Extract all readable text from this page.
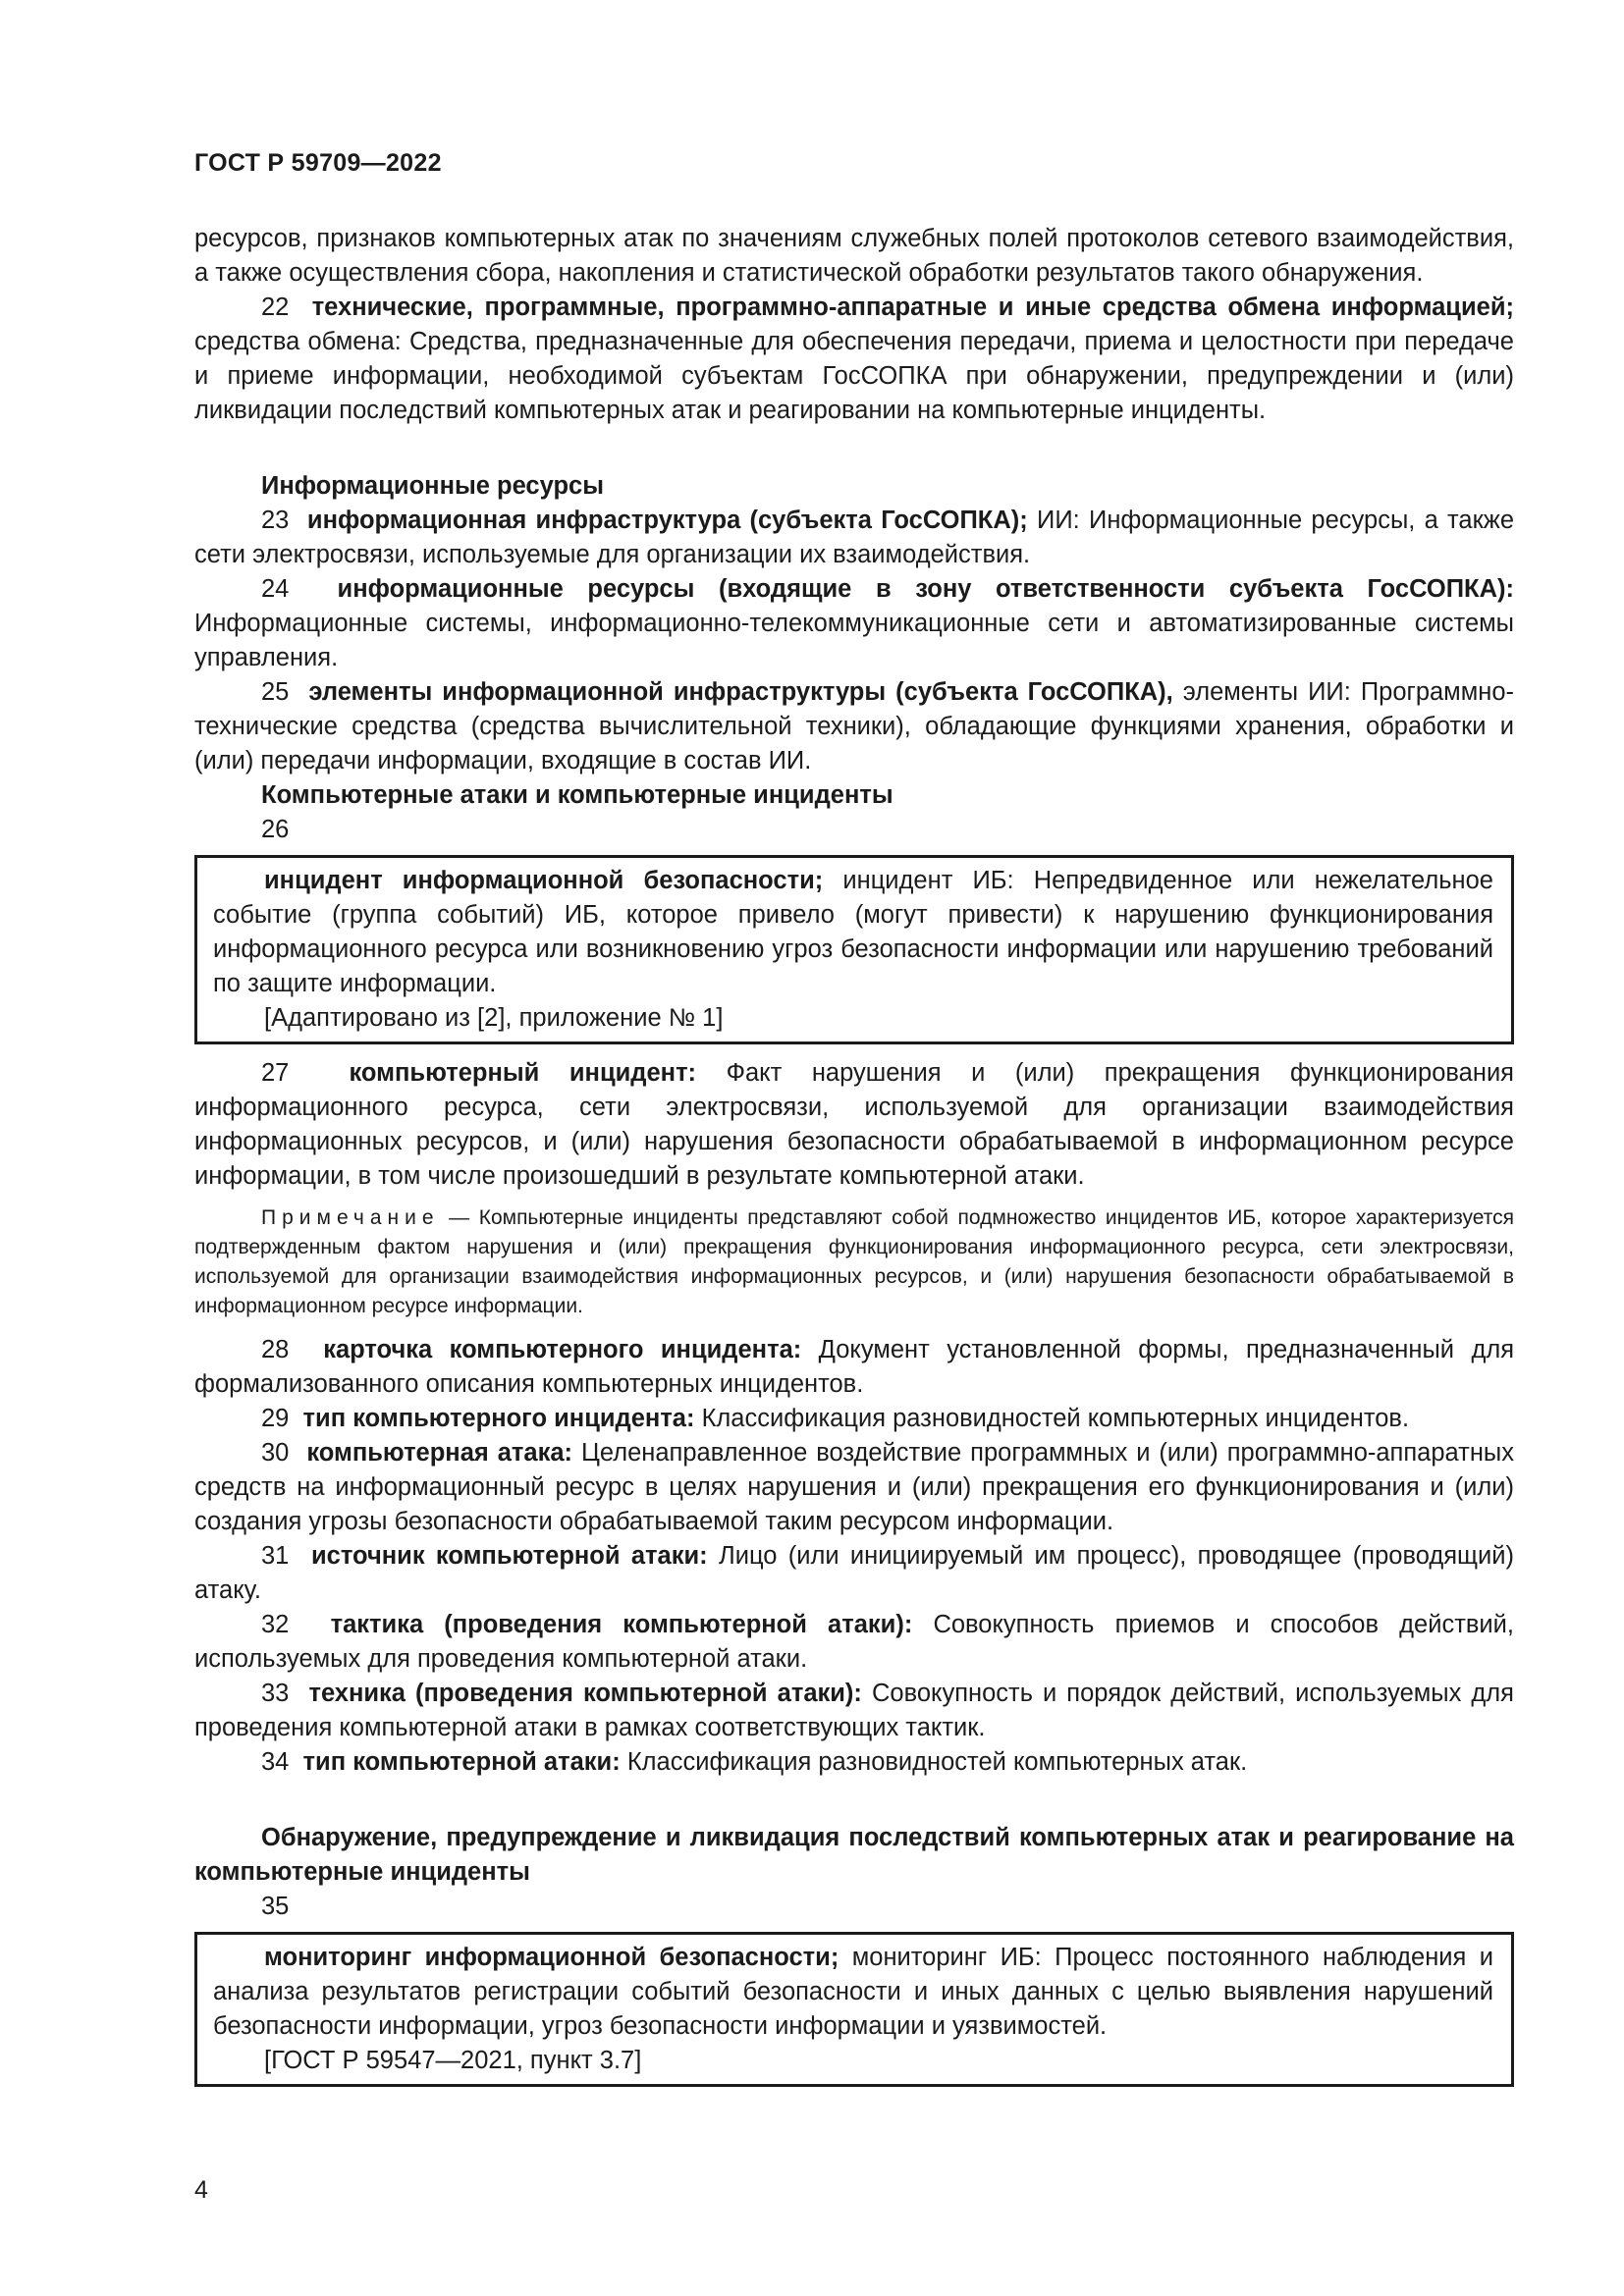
ГОСТ Р 59709—2022

ресурсов, признаков компьютерных атак по значениям служебных полей протоколов сетевого взаимодействия, а также осуществления сбора, накопления и статистической обработки результатов такого обнаружения.

22 технические, программные, программно-аппаратные и иные средства обмена информацией; средства обмена: Средства, предназначенные для обеспечения передачи, приема и целостности при передаче и приеме информации, необходимой субъектам ГосСОПКА при обнаружении, предупреждении и (или) ликвидации последствий компьютерных атак и реагировании на компьютерные инциденты.

Информационные ресурсы

23 информационная инфраструктура (субъекта ГосСОПКА); ИИ: Информационные ресурсы, а также сети электросвязи, используемые для организации их взаимодействия.

24 информационные ресурсы (входящие в зону ответственности субъекта ГосСОПКА): Информационные системы, информационно-телекоммуникационные сети и автоматизированные системы управления.

25 элементы информационной инфраструктуры (субъекта ГосСОПКА), элементы ИИ: Программно-технические средства (средства вычислительной техники), обладающие функциями хранения, обработки и (или) передачи информации, входящие в состав ИИ.

Компьютерные атаки и компьютерные инциденты
26

инцидент информационной безопасности; инцидент ИБ: Непредвиденное или нежелательное событие (группа событий) ИБ, которое привело (могут привести) к нарушению функционирования информационного ресурса или возникновению угроз безопасности информации или нарушению требований по защите информации.

[Адаптировано из [2], приложение № 1]

27 компьютерный инцидент: Факт нарушения и (или) прекращения функционирования информационного ресурса, сети электросвязи, используемой для организации взаимодействия информационных ресурсов, и (или) нарушения безопасности обрабатываемой в информационном ресурсе информации, в том числе произошедший в результате компьютерной атаки.

Примечание — Компьютерные инциденты представляют собой подмножество инцидентов ИБ, которое характеризуется подтвержденным фактом нарушения и (или) прекращения функционирования информационного ресурса, сети электросвязи, используемой для организации взаимодействия информационных ресурсов, и (или) нарушения безопасности обрабатываемой в информационном ресурсе информации.

28 карточка компьютерного инцидента: Документ установленной формы, предназначенный для формализованного описания компьютерных инцидентов.

29 тип компьютерного инцидента: Классификация разновидностей компьютерных инцидентов.

30 компьютерная атака: Целенаправленное воздействие программных и (или) программно-аппаратных средств на информационный ресурс в целях нарушения и (или) прекращения его функционирования и (или) создания угрозы безопасности обрабатываемой таким ресурсом информации.

31 источник компьютерной атаки: Лицо (или инициируемый им процесс), проводящее (проводящий) атаку.

32 тактика (проведения компьютерной атаки): Совокупность приемов и способов действий, используемых для проведения компьютерной атаки.

33 техника (проведения компьютерной атаки): Совокупность и порядок действий, используемых для проведения компьютерной атаки в рамках соответствующих тактик.

34 тип компьютерной атаки: Классификация разновидностей компьютерных атак.

Обнаружение, предупреждение и ликвидация последствий компьютерных атак и реагирование на компьютерные инциденты

35

мониторинг информационной безопасности; мониторинг ИБ: Процесс постоянного наблюдения и анализа результатов регистрации событий безопасности и иных данных с целью выявления нарушений безопасности информации, угроз безопасности информации и уязвимостей.

[ГОСТ Р 59547—2021, пункт 3.7]
4
